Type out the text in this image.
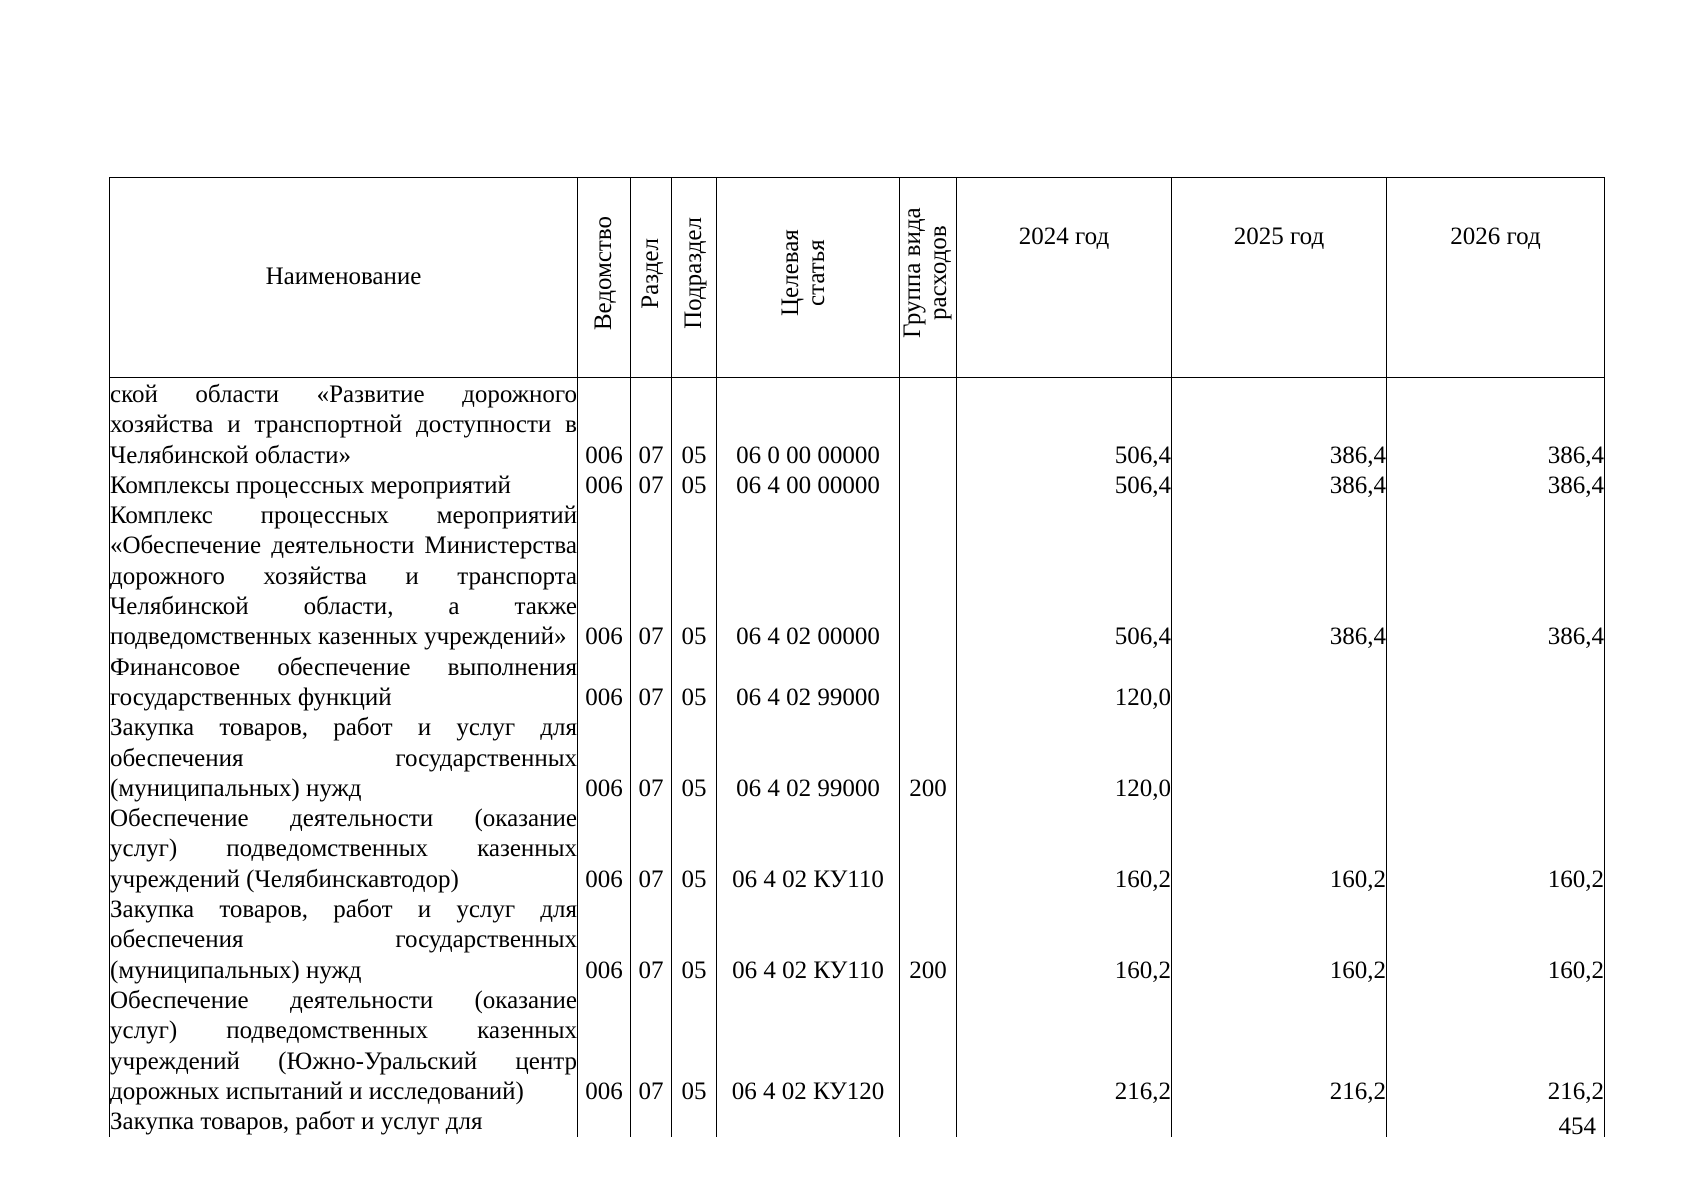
Наименование	Ведомство	Раздел	Подраздел	Целевая статья	Группа вида расходов	2024 год	2025 год	2026 год
ской области «Развитие дорожного хозяйства и транспортной доступности в Челябинской области»	006	07	05	06 0 00 00000		506,4	386,4	386,4
Комплексы процессных мероприятий	006	07	05	06 4 00 00000		506,4	386,4	386,4
Комплекс процессных мероприятий «Обеспечение деятельности Министерства дорожного хозяйства и транспорта Челябинской области, а также подведомственных казенных учреждений»	006	07	05	06 4 02 00000		506,4	386,4	386,4
Финансовое обеспечение выполнения государственных функций	006	07	05	06 4 02 99000		120,0		
Закупка товаров, работ и услуг для обеспечения государственных (муниципальных) нужд	006	07	05	06 4 02 99000	200	120,0		
Обеспечение деятельности (оказание услуг) подведомственных казенных учреждений (Челябинскавтодор)	006	07	05	06 4 02 КУ110		160,2	160,2	160,2
Закупка товаров, работ и услуг для обеспечения государственных (муниципальных) нужд	006	07	05	06 4 02 КУ110	200	160,2	160,2	160,2
Обеспечение деятельности (оказание услуг) подведомственных казенных учреждений (Южно-Уральский центр дорожных испытаний и исследований)	006	07	05	06 4 02 КУ120		216,2	216,2	216,2
Закупка товаров, работ и услуг для									454
